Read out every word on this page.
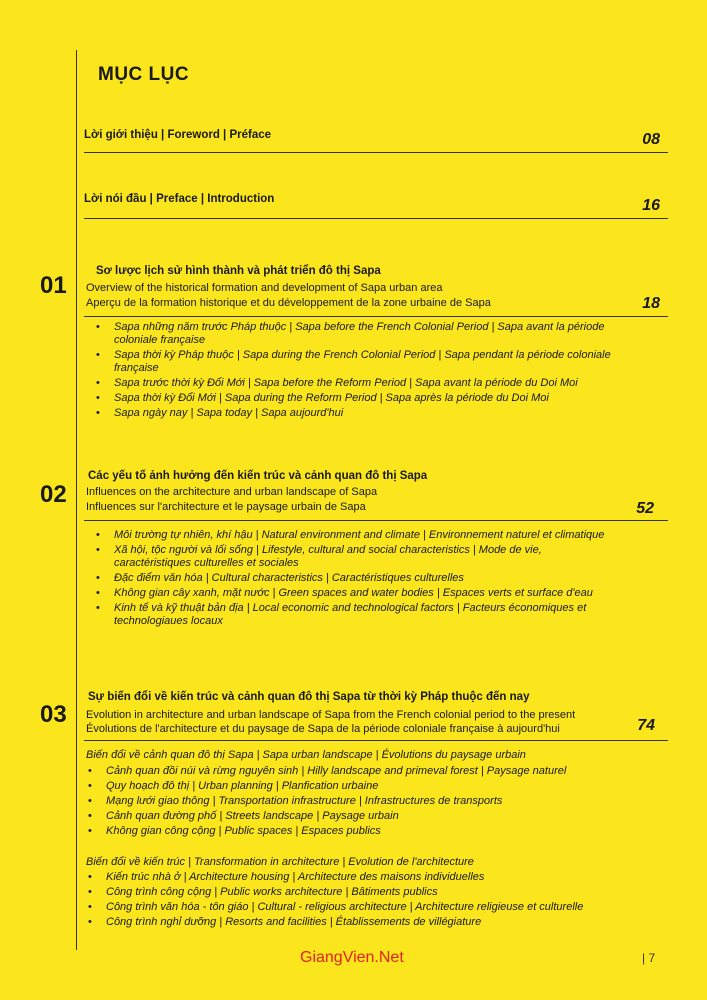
MỤC LỤC
Lời giới thiệu | Foreword | Préface	08
Lời nói đầu | Preface | Introduction	16
01
Sơ lược lịch sử hình thành và phát triển đô thị Sapa
Overview of the historical formation and development of Sapa urban area
Aperçu de la formation historique et du développement de la zone urbaine de Sapa	18
• Sapa những năm trước Pháp thuộc | Sapa before the French Colonial Period | Sapa avant la période coloniale française
• Sapa thời kỳ Pháp thuộc | Sapa during the French Colonial Period | Sapa pendant la période coloniale française
• Sapa trước thời kỳ Đổi Mới | Sapa before the Reform Period | Sapa avant la période du Doi Moi
• Sapa thời kỳ Đổi Mới | Sapa during the Reform Period | Sapa après la période du Doi Moi
• Sapa ngày nay | Sapa today | Sapa aujourd'hui
02
Các yếu tố ảnh hưởng đến kiến trúc và cảnh quan đô thị Sapa
Influences on the architecture and urban landscape of Sapa
Influences sur l'architecture et le paysage urbain de Sapa	52
• Môi trường tự nhiên, khí hậu | Natural environment and climate | Environnement naturel et climatique
• Xã hội, tộc người và lối sống | Lifestyle, cultural and social characteristics | Mode de vie, caractéristiques culturelles et sociales
• Đặc điểm văn hóa | Cultural characteristics | Caractéristiques culturelles
• Không gian cây xanh, mặt nước | Green spaces and water bodies | Espaces verts et surface d'eau
• Kinh tế và kỹ thuật bản địa | Local economic and technological factors | Facteurs économiques et technologiaues locaux
03
Sự biến đổi về kiến trúc và cảnh quan đô thị Sapa từ thời kỳ Pháp thuộc đến nay
Evolution in architecture and urban landscape of Sapa from the French colonial period to the present
Évolutions de l'architecture et du paysage de Sapa de la période coloniale française à aujourd'hui	74
Biến đổi về cảnh quan đô thị Sapa | Sapa urban landscape | Évolutions du paysage urbain
• Cảnh quan đồi núi và rừng nguyên sinh | Hilly landscape and primeval forest | Paysage naturel
• Quy hoạch đô thị | Urban planning | Planfication urbaine
• Mạng lưới giao thông | Transportation infrastructure | Infrastructures de transports
• Cảnh quan đường phố | Streets landscape | Paysage urbain
• Không gian công cộng | Public spaces | Espaces publics
Biến đổi về kiến trúc | Transformation in architecture | Evolution de l'architecture
• Kiến trúc nhà ở | Architecture housing | Architecture des maisons individuelles
• Công trình công cộng | Public works architecture | Bâtiments publics
• Công trình văn hóa - tôn giáo | Cultural - religious architecture | Architecture religieuse et culturelle
• Công trình nghỉ dưỡng | Resorts and facilities | Établissements de villégiature
GiangVien.Net	| 7
